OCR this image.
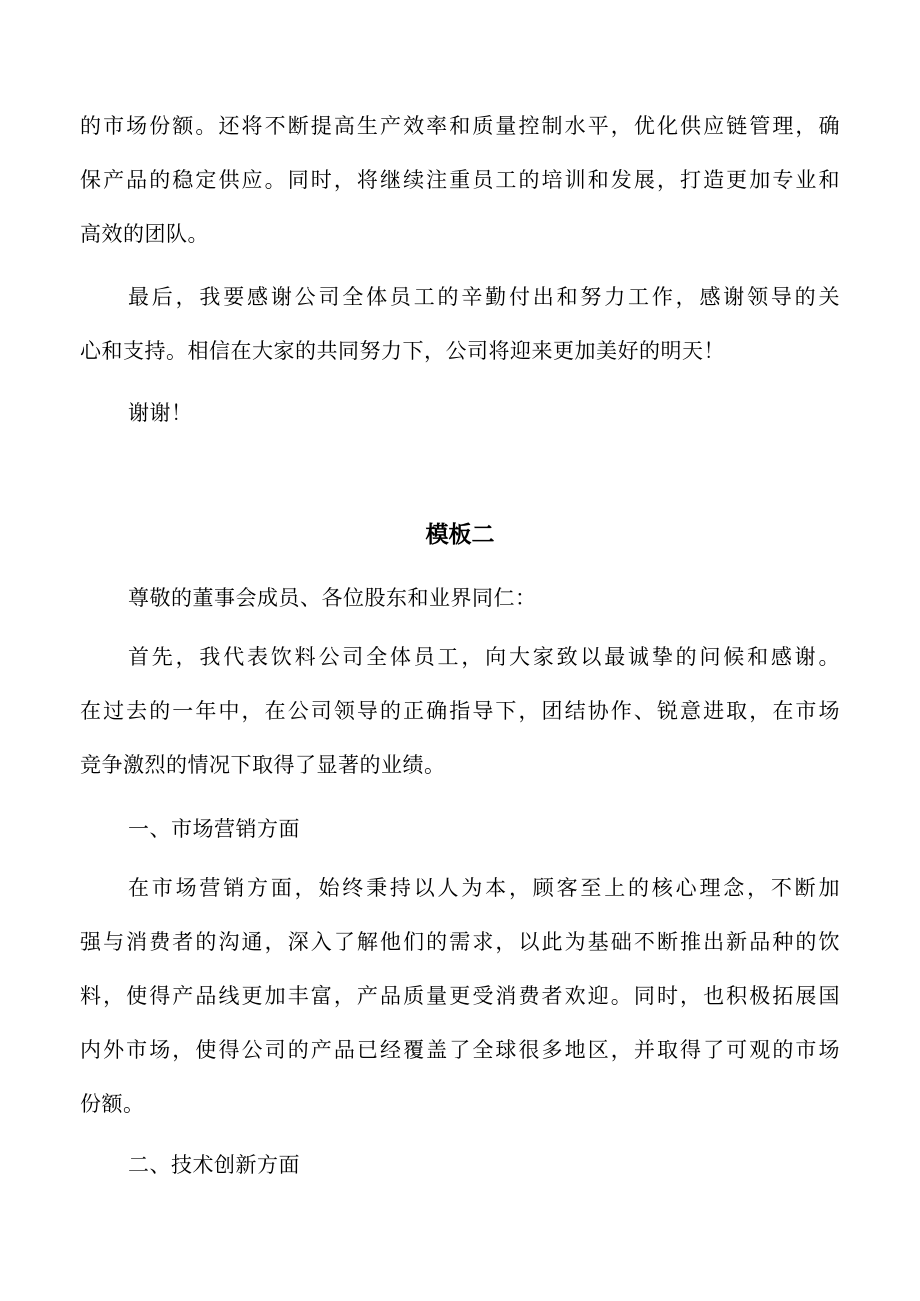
的市场份额。还将不断提高生产效率和质量控制水平，优化供应链管理，确
保产品的稳定供应。同时，将继续注重员工的培训和发展，打造更加专业和
高效的团队。
最后，我要感谢公司全体员工的辛勤付出和努力工作，感谢领导的关
心和支持。相信在大家的共同努力下，公司将迎来更加美好的明天！
谢谢！
模板二
尊敬的董事会成员、各位股东和业界同仁：
首先，我代表饮料公司全体员工，向大家致以最诚挚的问候和感谢。
在过去的一年中，在公司领导的正确指导下，团结协作、锐意进取，在市场
竞争激烈的情况下取得了显著的业绩。
一、市场营销方面
在市场营销方面，始终秉持以人为本，顾客至上的核心理念，不断加
强与消费者的沟通，深入了解他们的需求，以此为基础不断推出新品种的饮
料，使得产品线更加丰富，产品质量更受消费者欢迎。同时，也积极拓展国
内外市场，使得公司的产品已经覆盖了全球很多地区，并取得了可观的市场
份额。
二、技术创新方面
